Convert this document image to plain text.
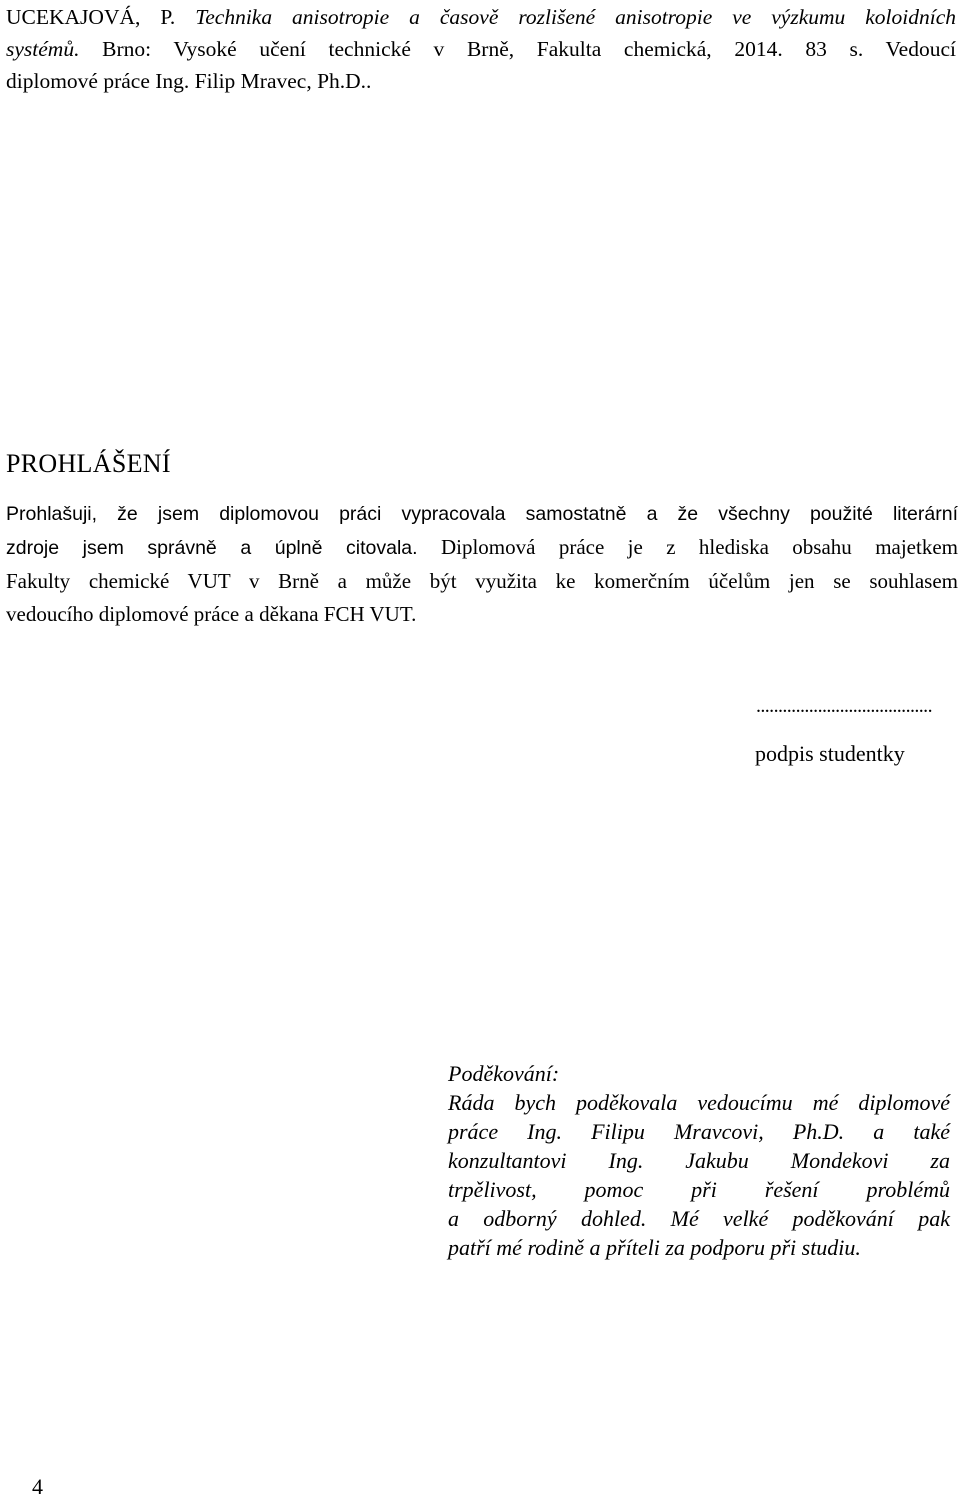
UCEKAJOVÁ, P. Technika anisotropie a časově rozlišené anisotropie ve výzkumu koloidních
systémů. Brno: Vysoké učení technické v Brně, Fakulta chemická, 2014. 83 s. Vedoucí
diplomové práce Ing. Filip Mravec, Ph.D..
PROHLÁŠENÍ
Prohlašuji, že jsem diplomovou práci vypracovala samostatně a že všechny použité literární
zdroje jsem správně a úplně citovala. Diplomová práce je z hlediska obsahu majetkem
Fakulty chemické VUT v Brně a může být využita ke komerčním účelům jen se souhlasem
vedoucího diplomové práce a děkana FCH VUT.
........................................
podpis studentky
Poděkování:
Ráda bych poděkovala vedoucímu mé diplomové
práce Ing. Filipu Mravcovi, Ph.D. a také
konzultantovi Ing. Jakubu Mondekovi za
trpělivost, pomoc při řešení problémů
a odborný dohled. Mé velké poděkování pak
patří mé rodině a příteli za podporu při studiu.
4
